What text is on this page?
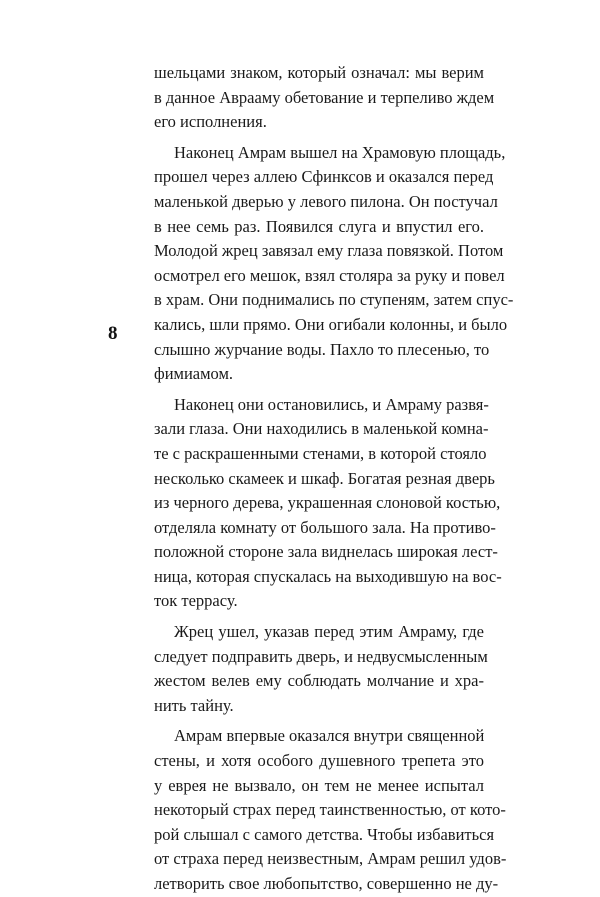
8
шельцами знаком, который означал: мы верим
в данное Аврааму обетование и терпеливо ждем
его исполнения.
Наконец Амрам вышел на Храмовую площадь,
прошел через аллею Сфинксов и оказался перед
маленькой дверью у левого пилона. Он постучал
в нее семь раз. Появился слуга и впустил его.
Молодой жрец завязал ему глаза повязкой. Потом
осмотрел его мешок, взял столяра за руку и повел
в храм. Они поднимались по ступеням, затем спус-
кались, шли прямо. Они огибали колонны, и было
слышно журчание воды. Пахло то плесенью, то
фимиамом.
Наконец они остановились, и Амраму развя-
зали глаза. Они находились в маленькой комна-
те с раскрашенными стенами, в которой стояло
несколько скамеек и шкаф. Богатая резная дверь
из черного дерева, украшенная слоновой костью,
отделяла комнату от большого зала. На противо-
положной стороне зала виднелась широкая лест-
ница, которая спускалась на выходившую на вос-
ток террасу.
Жрец ушел, указав перед этим Амраму, где
следует подправить дверь, и недвусмысленным
жестом велев ему соблюдать молчание и хра-
нить тайну.
Амрам впервые оказался внутри священной
стены, и хотя особого душевного трепета это
у еврея не вызвало, он тем не менее испытал
некоторый страх перед таинственностью, от кото-
рой слышал с самого детства. Чтобы избавиться
от страха перед неизвестным, Амрам решил удов-
летворить свое любопытство, совершенно не ду-
